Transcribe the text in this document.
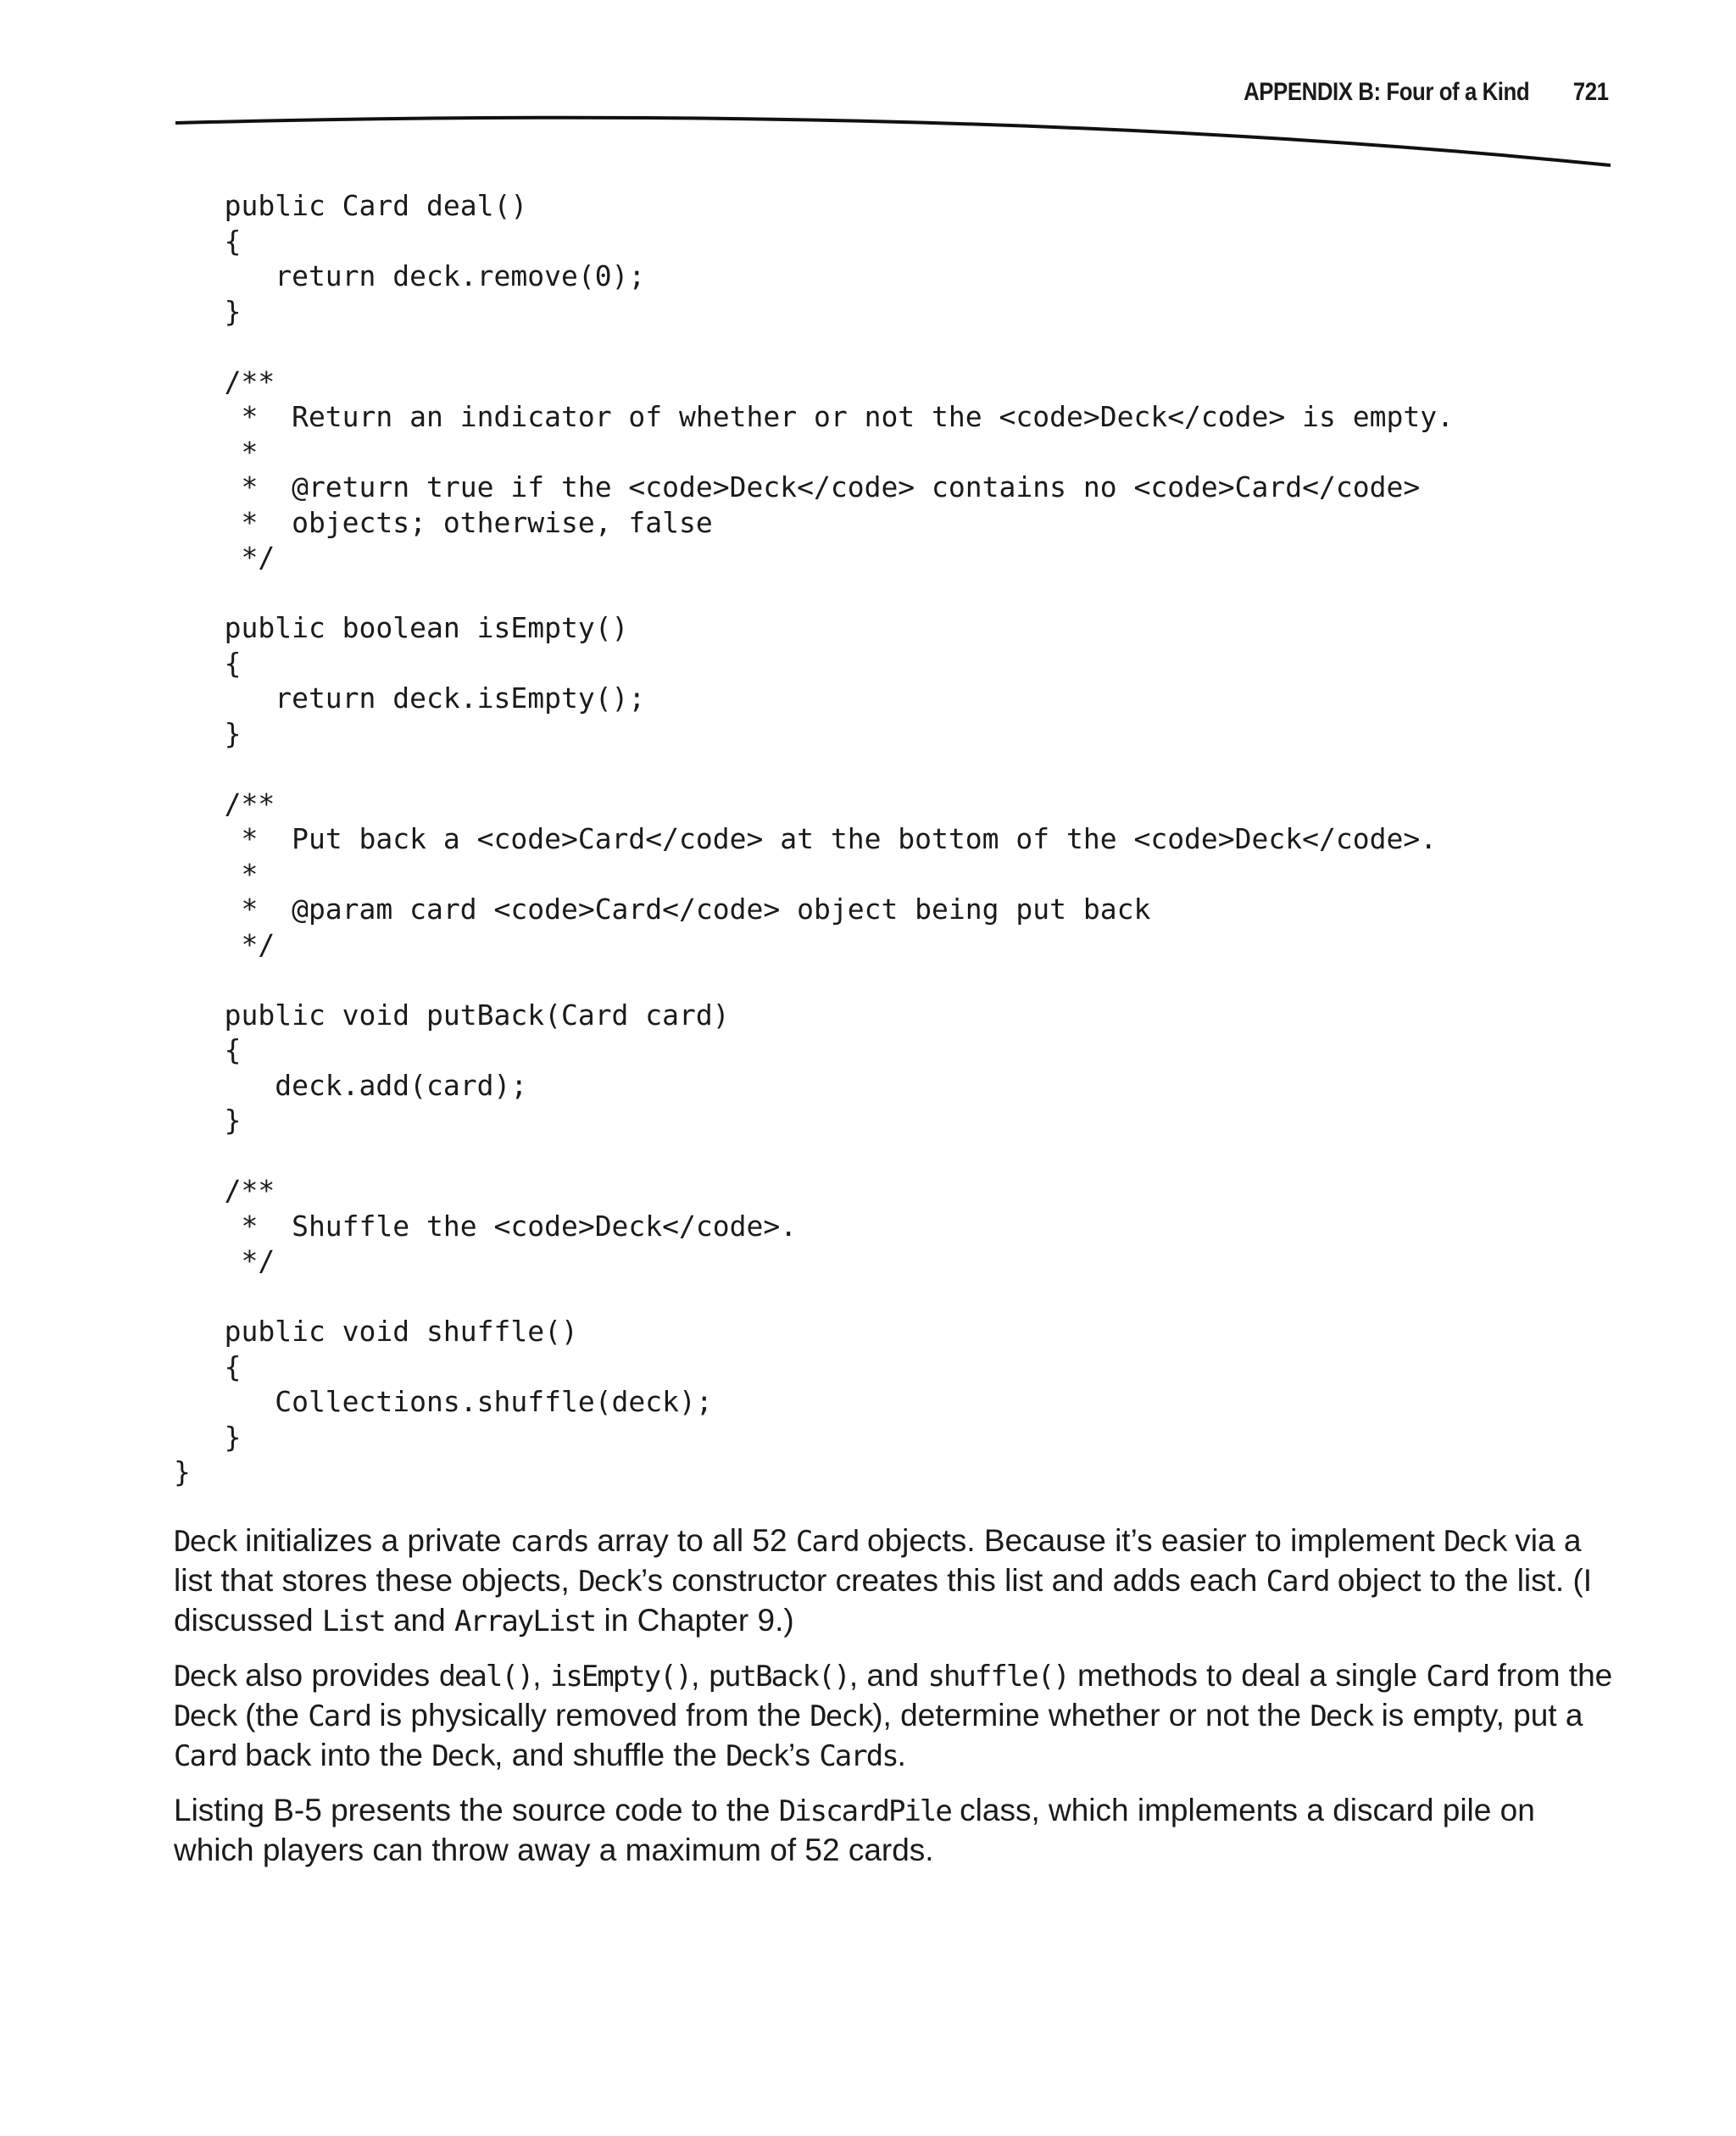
APPENDIX B: Four of a Kind 721
public Card deal()
{
return deck.remove(0);
}
/**
*  Return an indicator of whether or not the <code>Deck</code> is empty.
*
*  @return true if the <code>Deck</code> contains no <code>Card</code>
*  objects; otherwise, false
*/
public boolean isEmpty()
{
return deck.isEmpty();
}
/**
*  Put back a <code>Card</code> at the bottom of the <code>Deck</code>.
*
*  @param card <code>Card</code> object being put back
*/
public void putBack(Card card)
{
deck.add(card);
}
/**
*  Shuffle the <code>Deck</code>.
*/
public void shuffle()
{
Collections.shuffle(deck);
}
}

Deck initializes a private cards array to all 52 Card objects. Because it’s easier to implement Deck via a list that stores these objects, Deck’s constructor creates this list and adds each Card object to the list. (I discussed List and ArrayList in Chapter 9.)

Deck also provides deal(), isEmpty(), putBack(), and shuffle() methods to deal a single Card from the Deck (the Card is physically removed from the Deck), determine whether or not the Deck is empty, put a Card back into the Deck, and shuffle the Deck’s Cards.

Listing B-5 presents the source code to the DiscardPile class, which implements a discard pile on which players can throw away a maximum of 52 cards.
